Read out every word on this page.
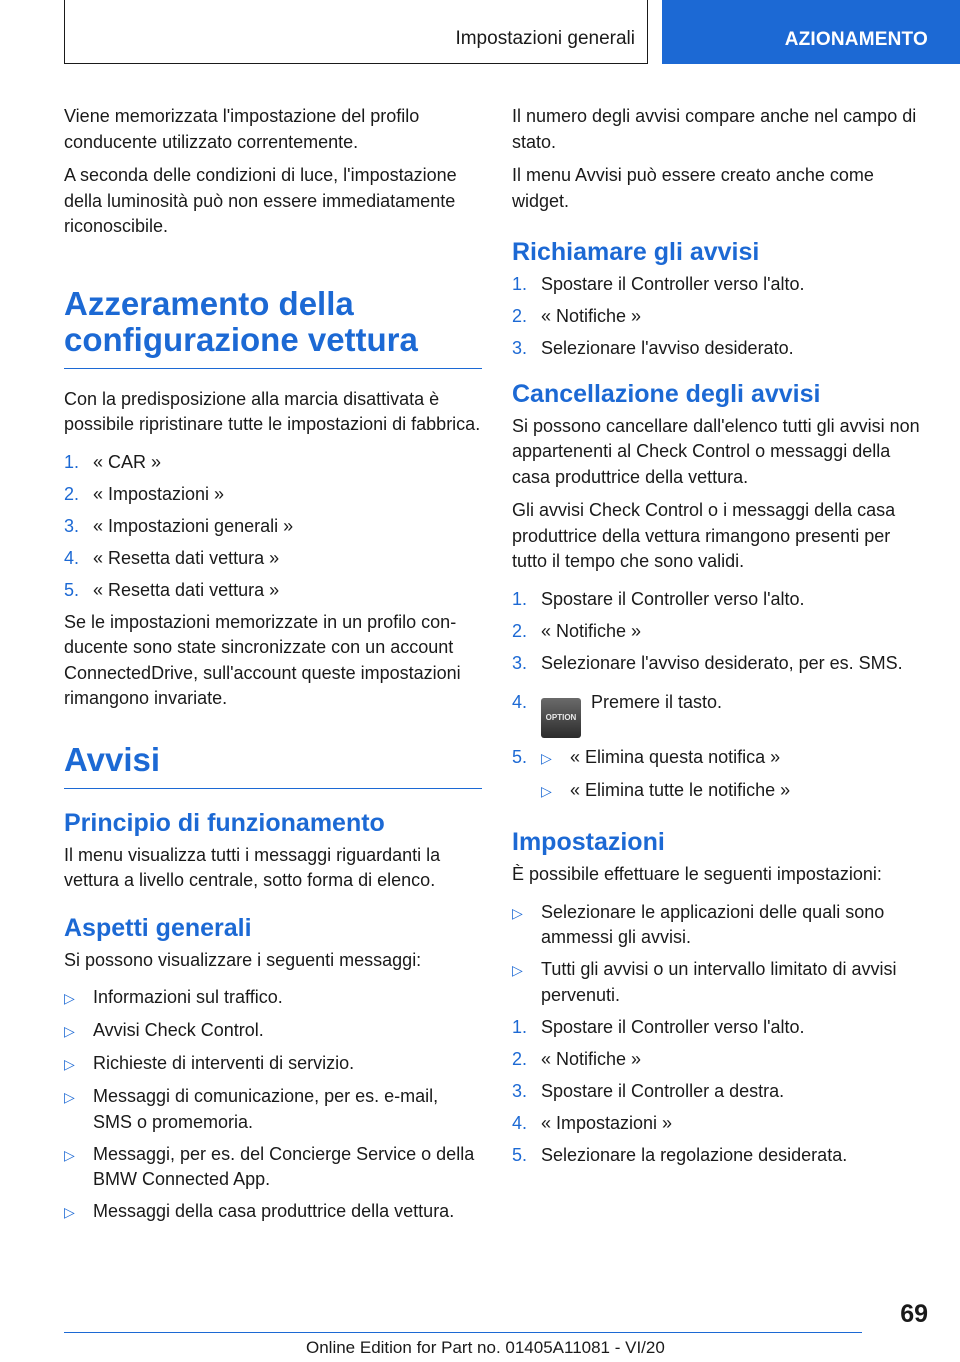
Impostazioni generali	AZIONAMENTO

Viene memorizzata l'impostazione del profilo conducente utilizzato correntemente.

A seconda delle condizioni di luce, l'impostazione della luminosità può non essere immediatamente riconoscibile.

Azzeramento della configurazione vettura

Con la predisposizione alla marcia disattivata è possibile ripristinare tutte le impostazioni di fabbrica.

1. « CAR »
2. « Impostazioni »
3. « Impostazioni generali »
4. « Resetta dati vettura »
5. « Resetta dati vettura »

Se le impostazioni memorizzate in un profilo conducente sono state sincronizzate con un account ConnectedDrive, sull'account queste impostazioni rimangono invariate.

Avvisi
Principio di funzionamento

Il menu visualizza tutti i messaggi riguardanti la vettura a livello centrale, sotto forma di elenco.

Aspetti generali

Si possono visualizzare i seguenti messaggi:

▷	Informazioni sul traffico.
▷	Avvisi Check Control.
▷	Richieste di interventi di servizio.
▷	Messaggi di comunicazione, per es. e-mail, SMS o promemoria.
▷	Messaggi, per es. del Concierge Service o della BMW Connected App.
▷	Messaggi della casa produttrice della vettura.

Il numero degli avvisi compare anche nel campo di stato.

Il menu Avvisi può essere creato anche come widget.

Richiamare gli avvisi
1. Spostare il Controller verso l'alto.
2. « Notifiche »
3. Selezionare l'avviso desiderato.
Cancellazione degli avvisi

Si possono cancellare dall'elenco tutti gli avvisi non appartenenti al Check Control o messaggi della casa produttrice della vettura.

Gli avvisi Check Control o i messaggi della casa produttrice della vettura rimangono presenti per tutto il tempo che sono validi.

1. Spostare il Controller verso l'alto.
2. « Notifiche »
3. Selezionare l'avviso desiderato, per es. SMS.
4.
OPTIONPremere il tasto.
5. ▷	« Elimina questa notifica »
▷	« Elimina tutte le notifiche »
Impostazioni

È possibile effettuare le seguenti impostazioni:

▷	Selezionare le applicazioni delle quali sono ammessi gli avvisi.
▷	Tutti gli avvisi o un intervallo limitato di avvisi pervenuti.
1. Spostare il Controller verso l'alto.
2. « Notifiche »
3. Spostare il Controller a destra.
4. « Impostazioni »
5. Selezionare la regolazione desiderata.
69
Online Edition for Part no. 01405A11081 - VI/20
